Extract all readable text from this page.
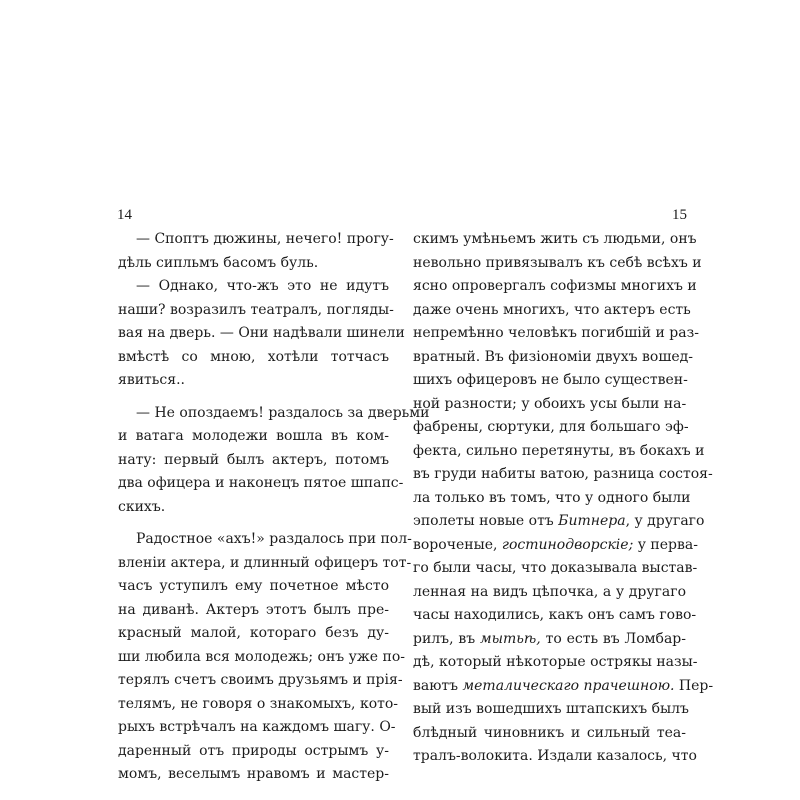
14
— Споптъ дюжины, нечего! прогу-
дѣль сипльмъ басомъ буль.
— Однако, что-жъ это не идутъ
наши? возразилъ театралъ, погляды-
вая на дверь. — Они надѣвали шинели
вмѣстѣ со мною, хотѣли тотчасъ
явиться..
— Не опоздаемъ! раздалось за дверьми
и ватага молодежи вошла въ ком-
нату: первый былъ актеръ, потомъ
два офицера и наконецъ пятое шпапс-
скихъ.
Радостное «ахъ!» раздалось при пол-
вленіи актера, и длинный офицеръ тот-
часъ уступилъ ему почетное мѣсто
на диванѣ. Актеръ этотъ былъ пре-
красный малой, котораго безъ ду-
ши любила вся молодежь; онъ уже по-
терялъ счетъ своимъ друзьямъ и прія-
телямъ, не говоря о знакомыхъ, кото-
рыхъ встрѣчалъ на каждомъ шагу. О-
даренный отъ природы острымъ у-
момъ, веселымъ нравомъ и мастер-
15
скимъ умѣньемъ жить съ людьми, онъ
невольно привязывалъ къ себѣ всѣхъ и
ясно опровергалъ софизмы многихъ и
даже очень многихъ, что актеръ есть
непремѣнно человѣкъ погибшій и раз-
вратный. Въ физіономіи двухъ вошед-
шихъ офицеровъ не было существен-
ной разности; у обоихъ усы были на-
фабрены, сюртуки, для большаго эф-
фекта, сильно перетянуты, въ бокахъ и
въ груди набиты ватою, разница состоя-
ла только въ томъ, что у одного были
эполеты новые отъ Битнера, у другаго
вороченые, гостинодворскіе; у перва-
го были часы, что доказывала выстав-
ленная на видъ цѣпочка, а у другаго
часы находились, какъ онъ самъ гово-
рилъ, въ мытьѣ, то есть въ Ломбар-
дѣ, который нѣкоторые острякы назы-
ваютъ металическаго прачешною. Пер-
вый изъ вошедшихъ штапскихъ былъ
блѣдный чиновникъ и сильный теа-
тралъ-волокита. Издали казалось, что
